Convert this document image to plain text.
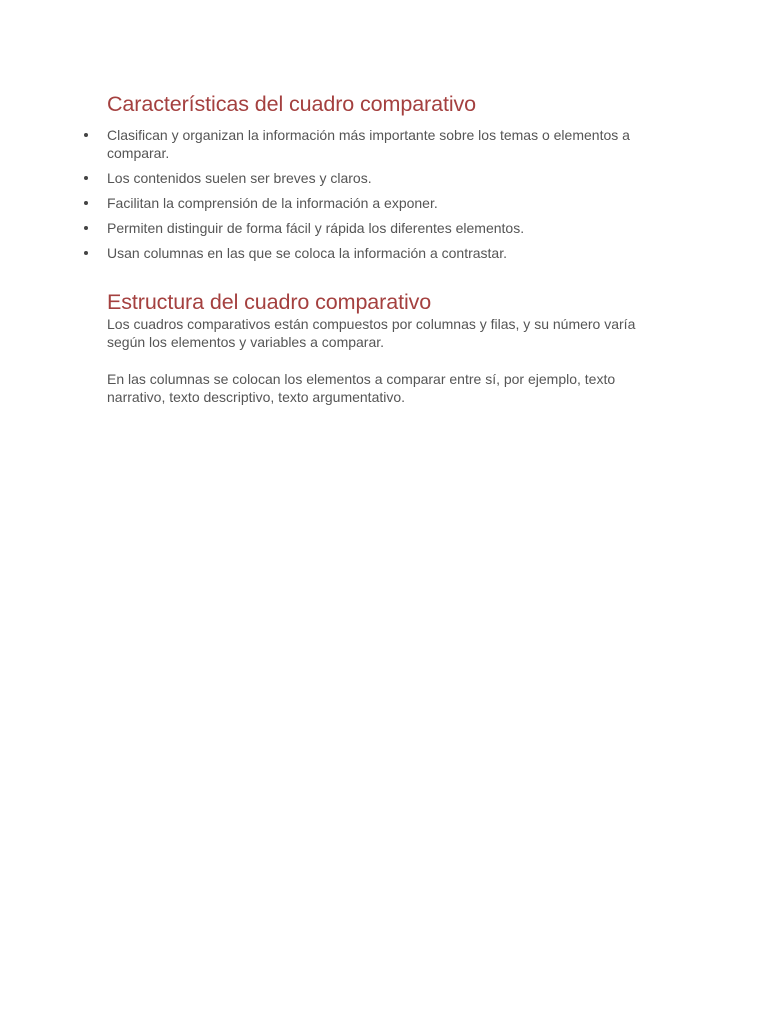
Características del cuadro comparativo
Clasifican y organizan la información más importante sobre los temas o elementos a comparar.
Los contenidos suelen ser breves y claros.
Facilitan la comprensión de la información a exponer.
Permiten distinguir de forma fácil y rápida los diferentes elementos.
Usan columnas en las que se coloca la información a contrastar.
Estructura del cuadro comparativo

Los cuadros comparativos están compuestos por columnas y filas, y su número varía según los elementos y variables a comparar.

En las columnas se colocan los elementos a comparar entre sí, por ejemplo, texto narrativo, texto descriptivo, texto argumentativo.
